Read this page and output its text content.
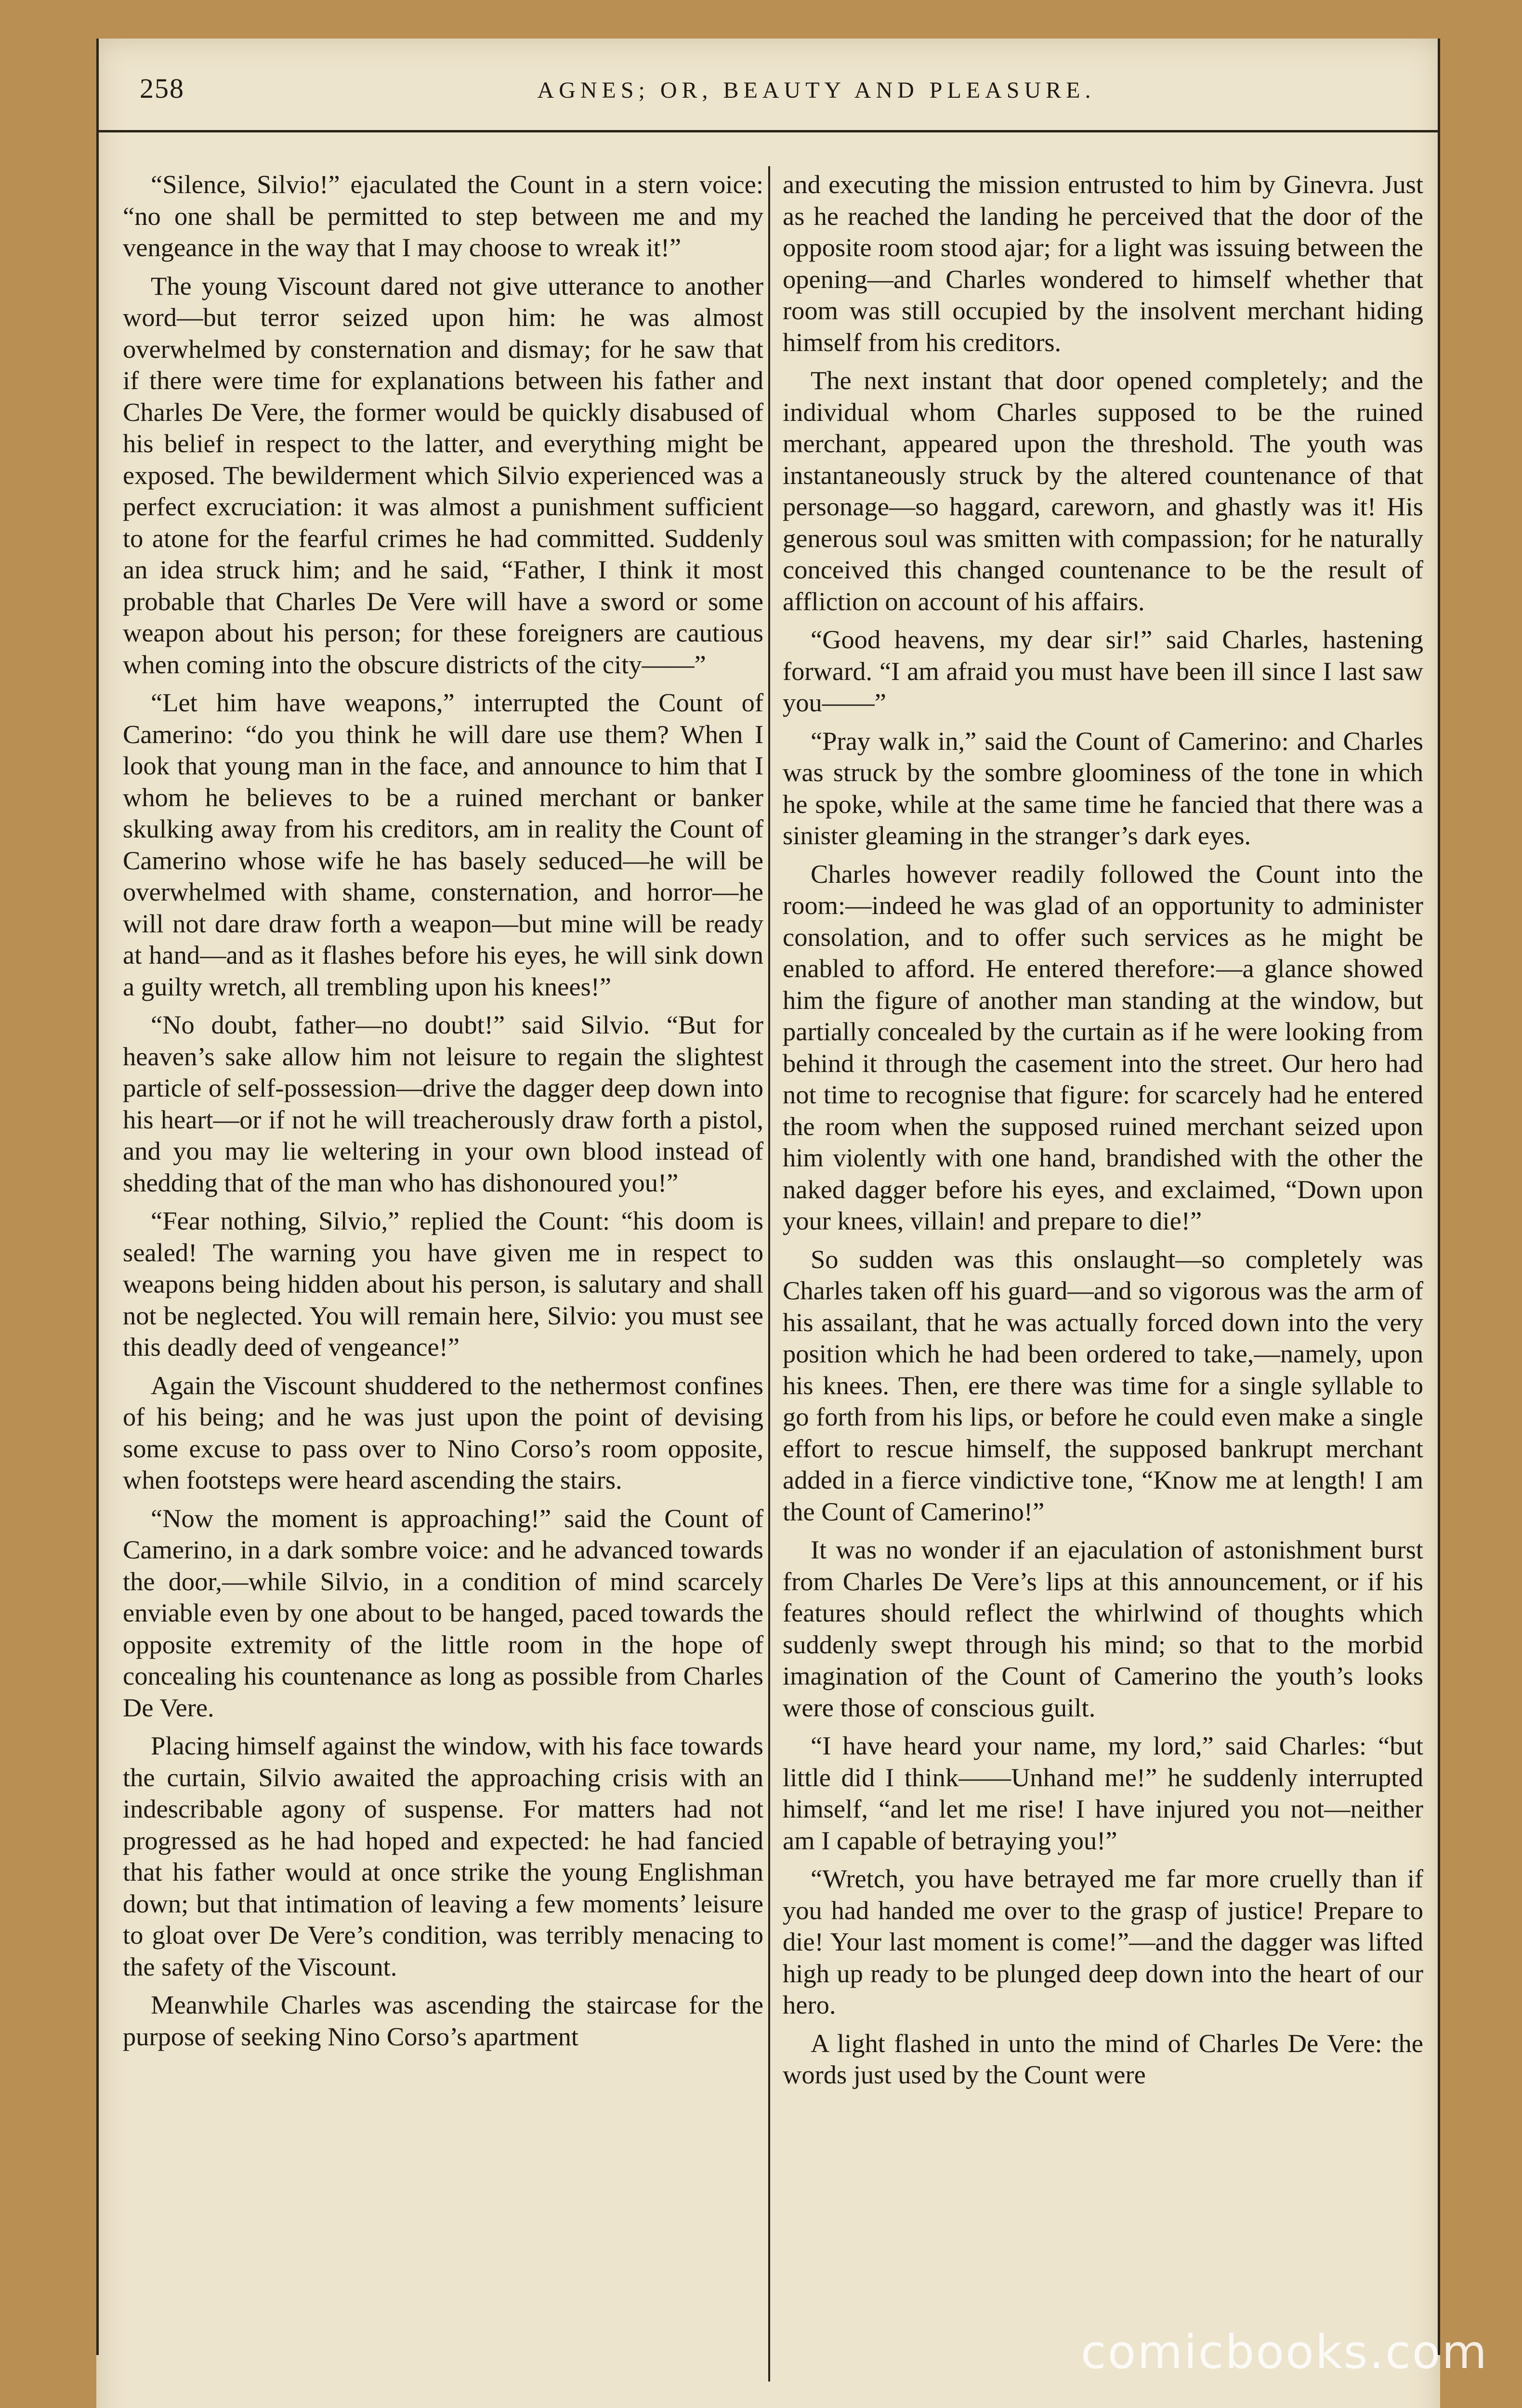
258	AGNES; OR, BEAUTY AND PLEASURE.

“Silence, Silvio!” ejaculated the Count in a stern voice: “no one shall be permitted to step between me and my vengeance in the way that I may choose to wreak it!”

The young Viscount dared not give utterance to another word—but terror seized upon him: he was almost overwhelmed by consternation and dismay; for he saw that if there were time for explanations between his father and Charles De Vere, the former would be quickly disabused of his belief in respect to the latter, and everything might be exposed. The bewilderment which Silvio experienced was a perfect excruciation: it was almost a punishment sufficient to atone for the fearful crimes he had committed. Suddenly an idea struck him; and he said, “Father, I think it most probable that Charles De Vere will have a sword or some weapon about his person; for these foreigners are cautious when coming into the obscure districts of the city——”

“Let him have weapons,” interrupted the Count of Camerino: “do you think he will dare use them? When I look that young man in the face, and announce to him that I whom he believes to be a ruined merchant or banker skulking away from his creditors, am in reality the Count of Camerino whose wife he has basely seduced—he will be overwhelmed with shame, consternation, and horror—he will not dare draw forth a weapon—but mine will be ready at hand—and as it flashes before his eyes, he will sink down a guilty wretch, all trembling upon his knees!”

“No doubt, father—no doubt!” said Silvio. “But for heaven’s sake allow him not leisure to regain the slightest particle of self-possession—drive the dagger deep down into his heart—or if not he will treacherously draw forth a pistol, and you may lie weltering in your own blood instead of shedding that of the man who has dishonoured you!”

“Fear nothing, Silvio,” replied the Count: “his doom is sealed! The warning you have given me in respect to weapons being hidden about his person, is salutary and shall not be neglected. You will remain here, Silvio: you must see this deadly deed of vengeance!”

Again the Viscount shuddered to the nethermost confines of his being; and he was just upon the point of devising some excuse to pass over to Nino Corso’s room opposite, when footsteps were heard ascending the stairs.

“Now the moment is approaching!” said the Count of Camerino, in a dark sombre voice: and he advanced towards the door,—while Silvio, in a condition of mind scarcely enviable even by one about to be hanged, paced towards the opposite extremity of the little room in the hope of concealing his countenance as long as possible from Charles De Vere.

Placing himself against the window, with his face towards the curtain, Silvio awaited the approaching crisis with an indescribable agony of suspense. For matters had not progressed as he had hoped and expected: he had fancied that his father would at once strike the young Englishman down; but that intimation of leaving a few moments’ leisure to gloat over De Vere’s condition, was terribly menacing to the safety of the Viscount.

Meanwhile Charles was ascending the staircase for the purpose of seeking Nino Corso’s apartment

and executing the mission entrusted to him by Ginevra. Just as he reached the landing he perceived that the door of the opposite room stood ajar; for a light was issuing between the opening—and Charles wondered to himself whether that room was still occupied by the insolvent merchant hiding himself from his creditors.

The next instant that door opened completely; and the individual whom Charles supposed to be the ruined merchant, appeared upon the threshold. The youth was instantaneously struck by the altered countenance of that personage—so haggard, careworn, and ghastly was it! His generous soul was smitten with compassion; for he naturally conceived this changed countenance to be the result of affliction on account of his affairs.

“Good heavens, my dear sir!” said Charles, hastening forward. “I am afraid you must have been ill since I last saw you——”

“Pray walk in,” said the Count of Camerino: and Charles was struck by the sombre gloominess of the tone in which he spoke, while at the same time he fancied that there was a sinister gleaming in the stranger’s dark eyes.

Charles however readily followed the Count into the room:—indeed he was glad of an opportunity to administer consolation, and to offer such services as he might be enabled to afford. He entered therefore:—a glance showed him the figure of another man standing at the window, but partially concealed by the curtain as if he were looking from behind it through the casement into the street. Our hero had not time to recognise that figure: for scarcely had he entered the room when the supposed ruined merchant seized upon him violently with one hand, brandished with the other the naked dagger before his eyes, and exclaimed, “Down upon your knees, villain! and prepare to die!”

So sudden was this onslaught—so completely was Charles taken off his guard—and so vigorous was the arm of his assailant, that he was actually forced down into the very position which he had been ordered to take,—namely, upon his knees. Then, ere there was time for a single syllable to go forth from his lips, or before he could even make a single effort to rescue himself, the supposed bankrupt merchant added in a fierce vindictive tone, “Know me at length! I am the Count of Camerino!”

It was no wonder if an ejaculation of astonishment burst from Charles De Vere’s lips at this announcement, or if his features should reflect the whirlwind of thoughts which suddenly swept through his mind; so that to the morbid imagination of the Count of Camerino the youth’s looks were those of conscious guilt.

“I have heard your name, my lord,” said Charles: “but little did I think——Unhand me!” he suddenly interrupted himself, “and let me rise! I have injured you not—neither am I capable of betraying you!”

“Wretch, you have betrayed me far more cruelly than if you had handed me over to the grasp of justice! Prepare to die! Your last moment is come!”—and the dagger was lifted high up ready to be plunged deep down into the heart of our hero.

A light flashed in unto the mind of Charles De Vere: the words just used by the Count were

comicbooks.com
